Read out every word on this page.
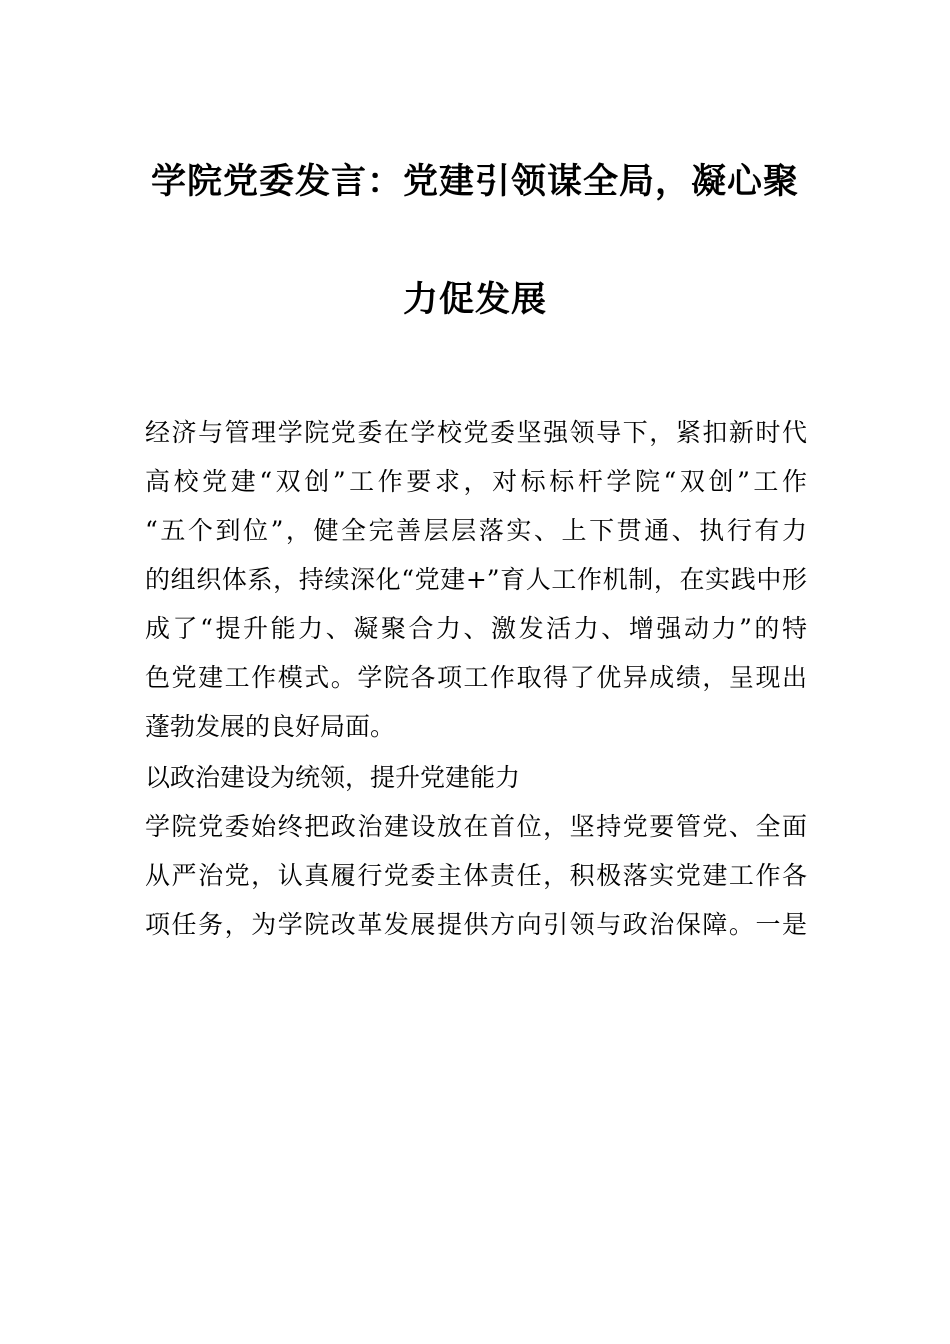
学院党委发言：党建引领谋全局，凝心聚
力促发展
经济与管理学院党委在学校党委坚强领导下，紧扣新时代
高校党建“双创”工作要求，对标标杆学院“双创”工作
“五个到位”，健全完善层层落实、上下贯通、执行有力
的组织体系，持续深化“党建+”育人工作机制，在实践中形
成了“提升能力、凝聚合力、激发活力、增强动力”的特
色党建工作模式。学院各项工作取得了优异成绩，呈现出
蓬勃发展的良好局面。
以政治建设为统领，提升党建能力
学院党委始终把政治建设放在首位，坚持党要管党、全面
从严治党，认真履行党委主体责任，积极落实党建工作各
项任务，为学院改革发展提供方向引领与政治保障。一是
